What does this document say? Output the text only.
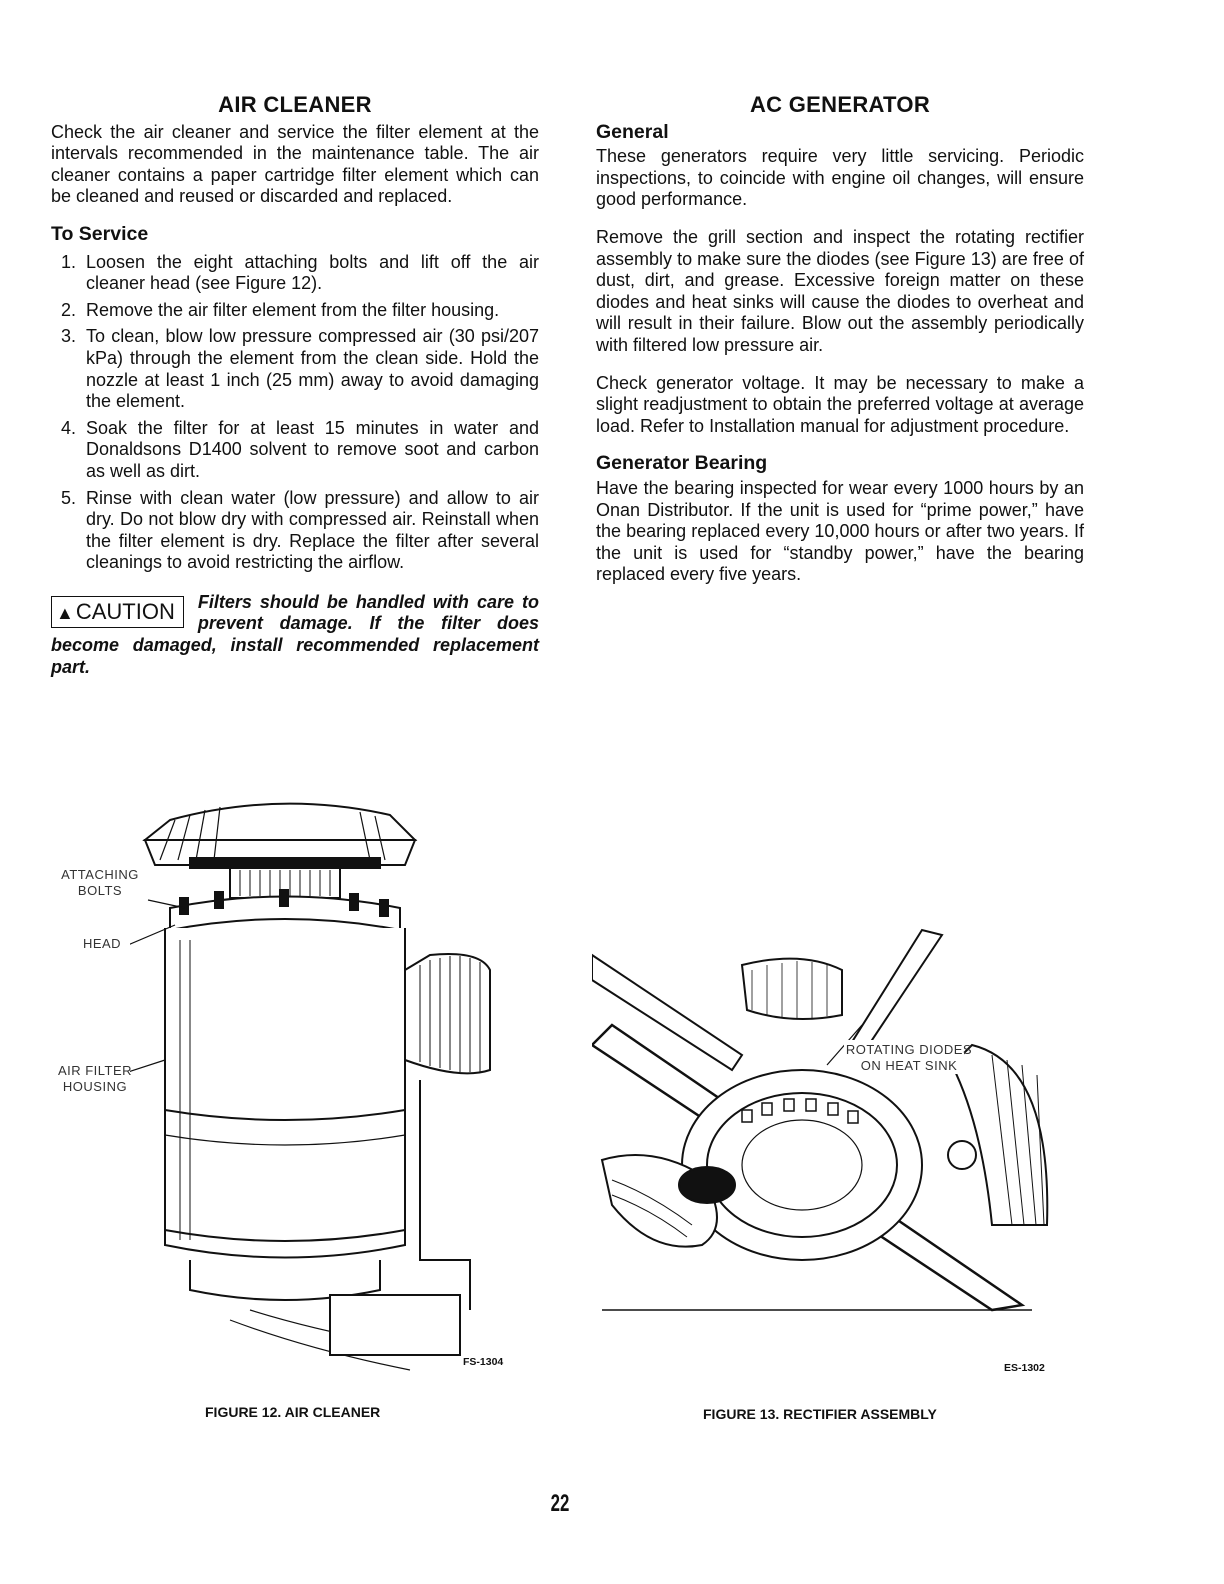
AIR CLEANER

Check the air cleaner and service the filter element at the intervals recommended in the maintenance table. The air cleaner contains a paper cartridge filter element which can be cleaned and reused or discarded and replaced.

To Service
1. Loosen the eight attaching bolts and lift off the air cleaner head (see Figure 12).
2. Remove the air filter element from the filter housing.
3. To clean, blow low pressure compressed air (30 psi/207 kPa) through the element from the clean side. Hold the nozzle at least 1 inch (25 mm) away to avoid damaging the element.
4. Soak the filter for at least 15 minutes in water and Donaldsons D1400 solvent to remove soot and carbon as well as dirt.
5. Rinse with clean water (low pressure) and allow to air dry. Do not blow dry with compressed air. Reinstall when the filter element is dry. Replace the filter after several cleanings to avoid restricting the airflow.
▲CAUTION	Filters should be handled with care to prevent damage. If the filter does become damaged, install recommended replacement part.
AC GENERATOR
General

These generators require very little servicing. Periodic inspections, to coincide with engine oil changes, will ensure good performance.

Remove the grill section and inspect the rotating rectifier assembly to make sure the diodes (see Figure 13) are free of dust, dirt, and grease. Excessive foreign matter on these diodes and heat sinks will cause the diodes to overheat and will result in their failure. Blow out the assembly periodically with filtered low pressure air.

Check generator voltage. It may be necessary to make a slight readjustment to obtain the preferred voltage at average load. Refer to Installation manual for adjustment procedure.

Generator Bearing

Have the bearing inspected for wear every 1000 hours by an Onan Distributor. If the unit is used for “prime power,” have the bearing replaced every 10,000 hours or after two years. If the unit is used for “standby power,” have the bearing replaced every five years.

ATTACHING
BOLTS
HEAD
AIR FILTER
HOUSING
FS-1304
FIGURE 12. AIR CLEANER
ROTATING DIODES
ON HEAT SINK
ES-1302
FIGURE 13. RECTIFIER ASSEMBLY
22
